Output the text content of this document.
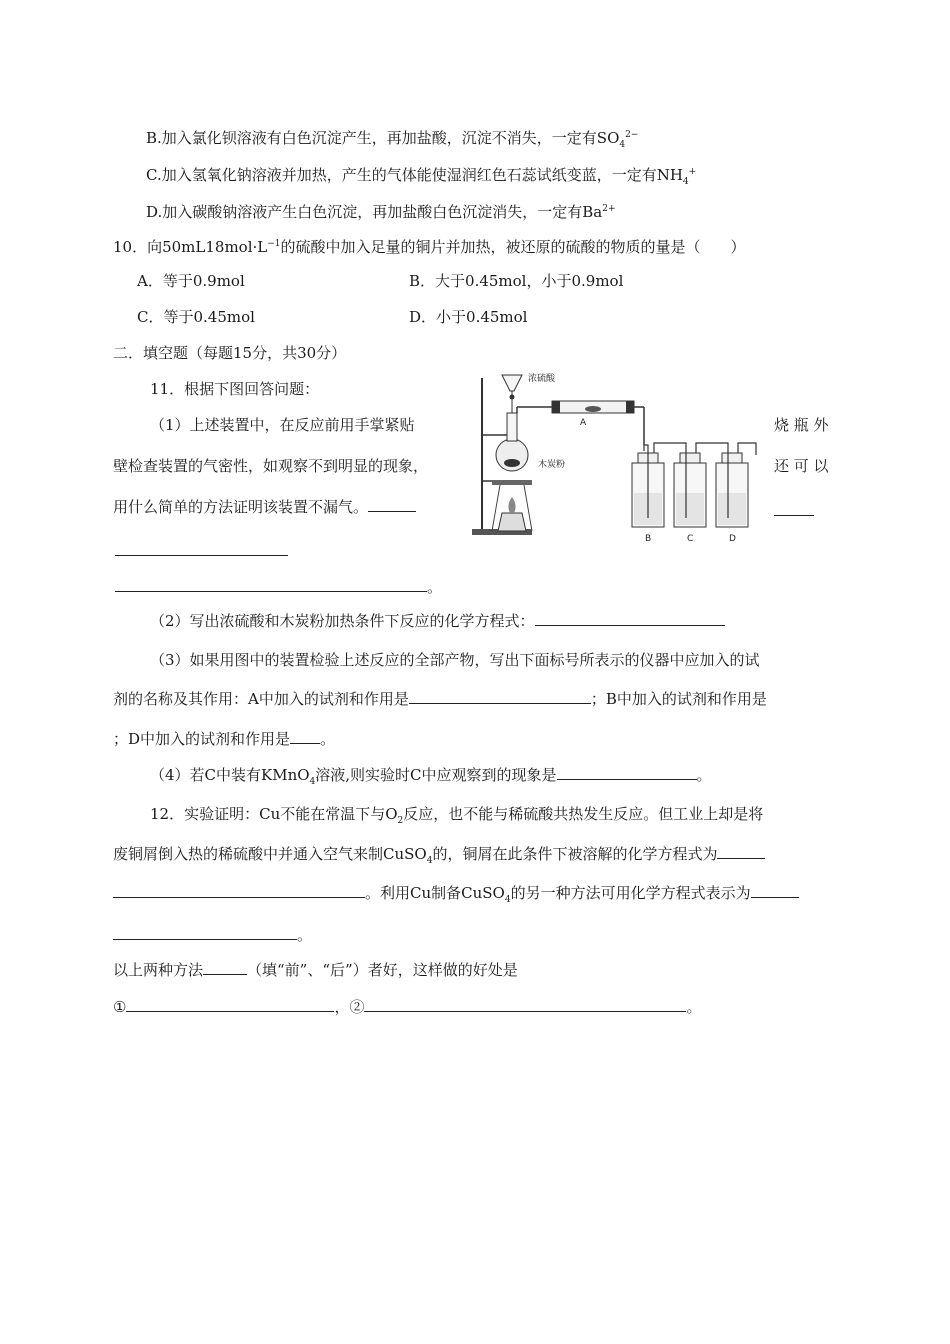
B.加入氯化钡溶液有白色沉淀产生，再加盐酸，沉淀不消失，一定有$SO_4^{2-}$
C.加入氢氧化钠溶液并加热，产生的气体能使湿润红色石蕊试纸变蓝，一定有$NH_4^+$
D.加入碳酸钠溶液产生白色沉淀，再加盐酸白色沉淀消失，一定有$Ba^{2+}$
10．向$50mL18mol\cdot L^{-1}$的硫酸中加入足量的铜片并加热，被还原的硫酸的物质的量是（　　）
A．等于0.9mol	B．大于0.45mol，小于0.9mol
C．等于0.45mol	D．小于0.45mol
二．填空题（每题15分，共30分）
11．根据下图回答问题：
（1）上述装置中，在反应前用手掌紧贴	烧 瓶 外
壁检查装置的气密性，如观察不到明显的现象，	还 可 以
用什么简单的方法证明该装置不漏气。
。
（2）写出浓硫酸和木炭粉加热条件下反应的化学方程式：
（3）如果用图中的装置检验上述反应的全部产物，写出下面标号所表示的仪器中应加入的试
剂的名称及其作用：A中加入的试剂和作用是	；B中加入的试剂和作用是
；D中加入的试剂和作用是 。
（4）若C中装有KMnO$_4$溶液,则实验时C中应观察到的现象是	。
浓硫酸
木炭粉
A
B	C	D
12．实验证明：Cu不能在常温下与$O_2$反应，也不能与稀硫酸共热发生反应。但工业上却是将
废铜屑倒入热的稀硫酸中并通入空气来制CuSO$_4$的，铜屑在此条件下被溶解的化学方程式为
。利用Cu制备CuSO$_4$的另一种方法可用化学方程式表示为
。
以上两种方法	（填“前”、“后”）者好，这样做的好处是
①	，②	。
